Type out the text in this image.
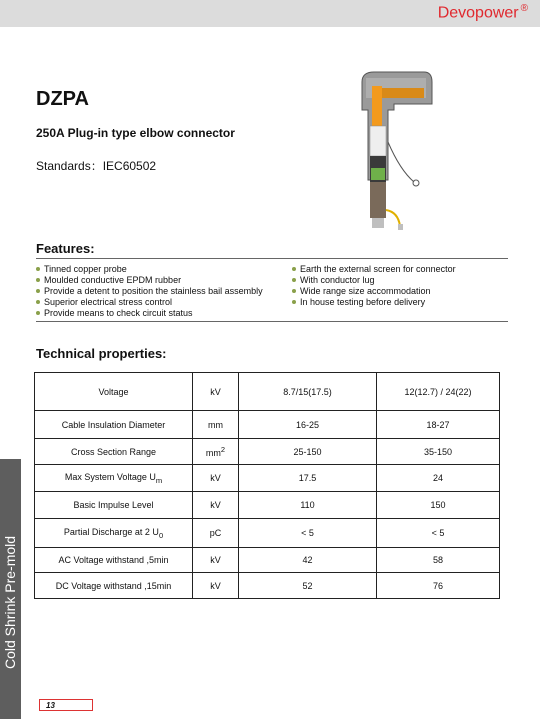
Devopower ®
Cold Shrink Pre-mold
DZPA
250A Plug-in type elbow connector
Standards：IEC60502
Features:
Tinned copper probe
Moulded conductive EPDM rubber
Provide a detent to position the stainless bail assembly
Superior electrical stress control
Provide means to check circuit status
Earth the external screen for connector
With conductor lug
Wide range size accommodation
In house testing before delivery
Technical properties:
Voltage	kV	8.7/15(17.5)	12(12.7) / 24(22)
Cable Insulation Diameter	mm	16-25	18-27
Cross Section Range	$mm^2$	25-150	35-150
Max System Voltage $U_m$	kV	17.5	24
Basic Impulse Level	kV	110	150
Partial Discharge at 2 $U_0$	pC	< 5	< 5
AC Voltage withstand ,5min	kV	42	58
DC Voltage withstand ,15min	kV	52	76
13
